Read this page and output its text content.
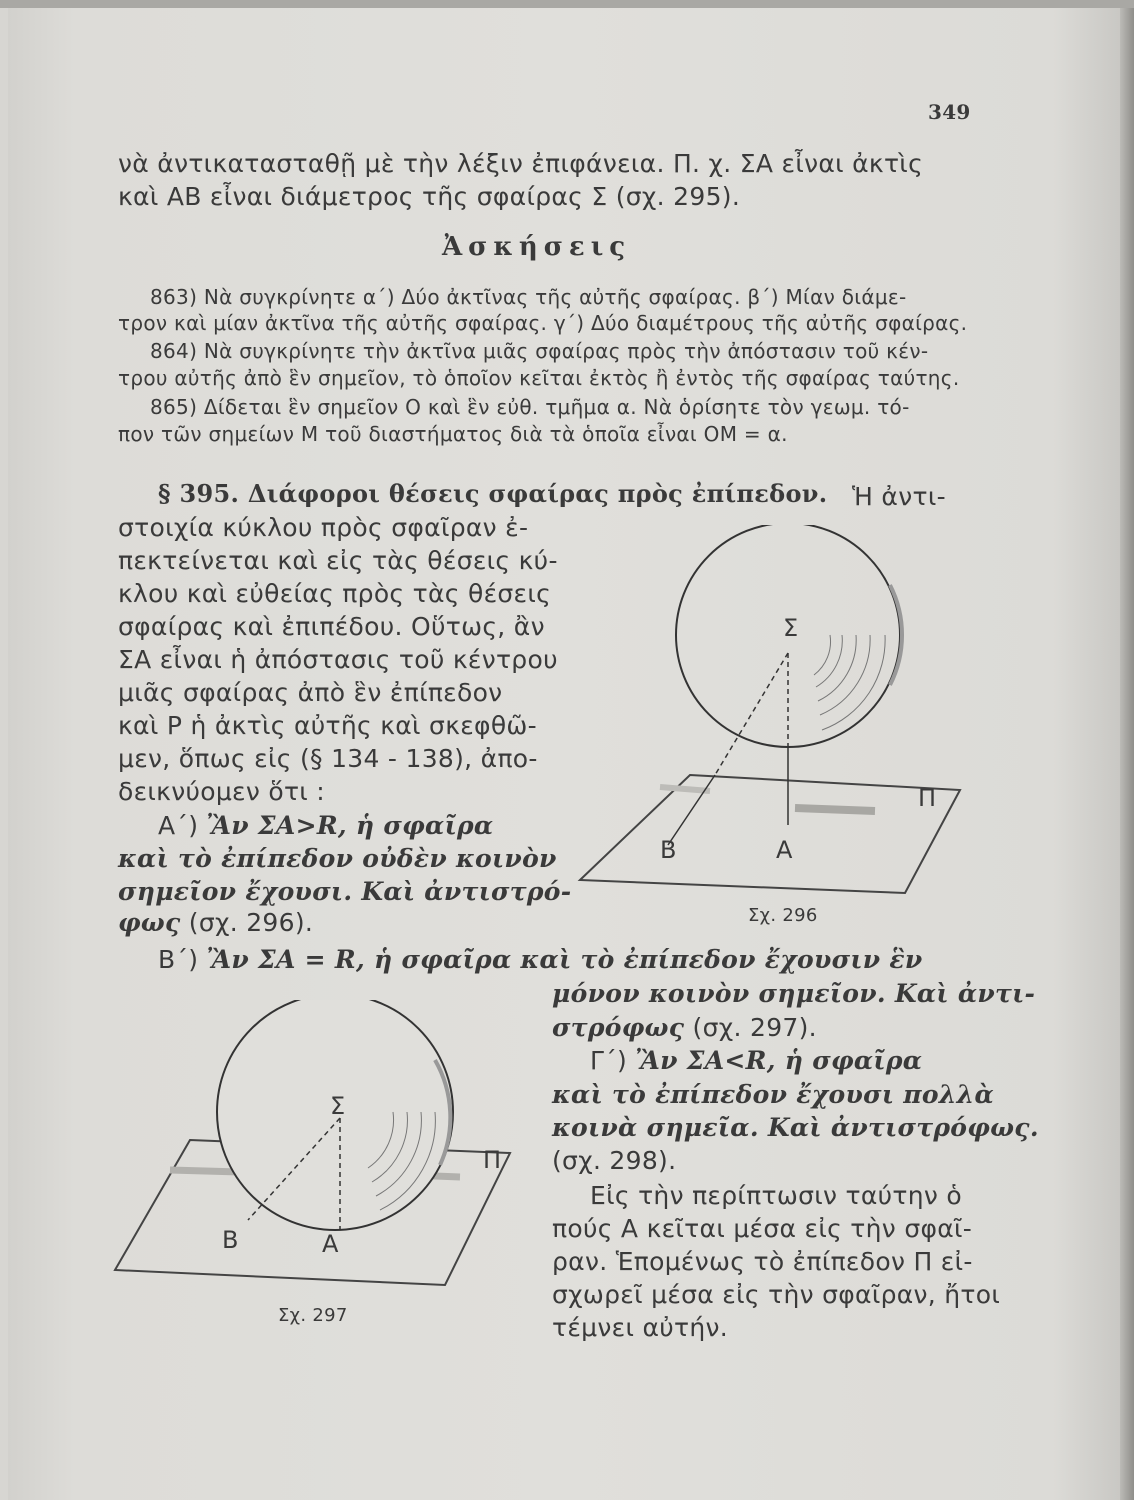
349
νὰ ἀντικατασταθῇ μὲ τὴν λέξιν ἐπιφάνεια. Π. χ. ΣΑ εἶναι ἀκτὶς
καὶ ΑΒ εἶναι διάμετρος τῆς σφαίρας Σ (σχ. 295).
Ἀσκήσεις
863) Νὰ συγκρίνητε α΄) Δύο ἀκτῖνας τῆς αὐτῆς σφαίρας. β΄) Μίαν διάμε-
τρον καὶ μίαν ἀκτῖνα τῆς αὐτῆς σφαίρας. γ΄) Δύο διαμέτρους τῆς αὐτῆς σφαίρας.
864) Νὰ συγκρίνητε τὴν ἀκτῖνα μιᾶς σφαίρας πρὸς τὴν ἀπόστασιν τοῦ κέν-
τρου αὐτῆς ἀπὸ ἓν σημεῖον, τὸ ὁποῖον κεῖται ἐκτὸς ἢ ἐντὸς τῆς σφαίρας ταύτης.
865) Δίδεται ἓν σημεῖον Ο καὶ ἓν εὐθ. τμῆμα α. Νὰ ὁρίσητε τὸν γεωμ. τό-
πον τῶν σημείων Μ τοῦ διαστήματος διὰ τὰ ὁποῖα εἶναι ΟΜ = α.
§ 395. Διάφοροι θέσεις σφαίρας πρὸς ἐπίπεδον. Ἡ ἀντι-
στοιχία κύκλου πρὸς σφαῖραν ἐ-
πεκτείνεται καὶ εἰς τὰς θέσεις κύ-
κλου καὶ εὐθείας πρὸς τὰς θέσεις
σφαίρας καὶ ἐπιπέδου. Οὕτως, ἂν
ΣΑ εἶναι ἡ ἀπόστασις τοῦ κέντρου
μιᾶς σφαίρας ἀπὸ ἓν ἐπίπεδον
καὶ Ρ ἡ ἀκτὶς αὐτῆς καὶ σκεφθῶ-
μεν, ὅπως εἰς (§ 134 - 138), ἀπο-
δεικνύομεν ὅτι :
Α΄) Ἂν ΣΑ>R, ἡ σφαῖρα
καὶ τὸ ἐπίπεδον οὐδὲν κοινὸν
σημεῖον ἔχουσι. Καὶ ἀντιστρό-
φως (σχ. 296).
Β΄) Ἂν ΣΑ = R, ἡ σφαῖρα καὶ τὸ ἐπίπεδον ἔχουσιν ἓν
μόνον κοινὸν σημεῖον. Καὶ ἀντι-
στρόφως (σχ. 297).
Γ΄) Ἂν ΣΑ<R, ἡ σφαῖρα
καὶ τὸ ἐπίπεδον ἔχουσι πολλὰ
κοινὰ σημεῖα. Καὶ ἀντιστρόφως.
(σχ. 298).
Εἰς τὴν περίπτωσιν ταύτην ὁ
πούς Α κεῖται μέσα εἰς τὴν σφαῖ-
ραν. Ἑπομένως τὸ ἐπίπεδον Π εἰ-
σχωρεῖ μέσα εἰς τὴν σφαῖραν, ἤτοι
τέμνει αὐτήν.
Σ
Π
Β	Α
Σχ. 296
Σ
Π
Β	Α
Σχ. 297
